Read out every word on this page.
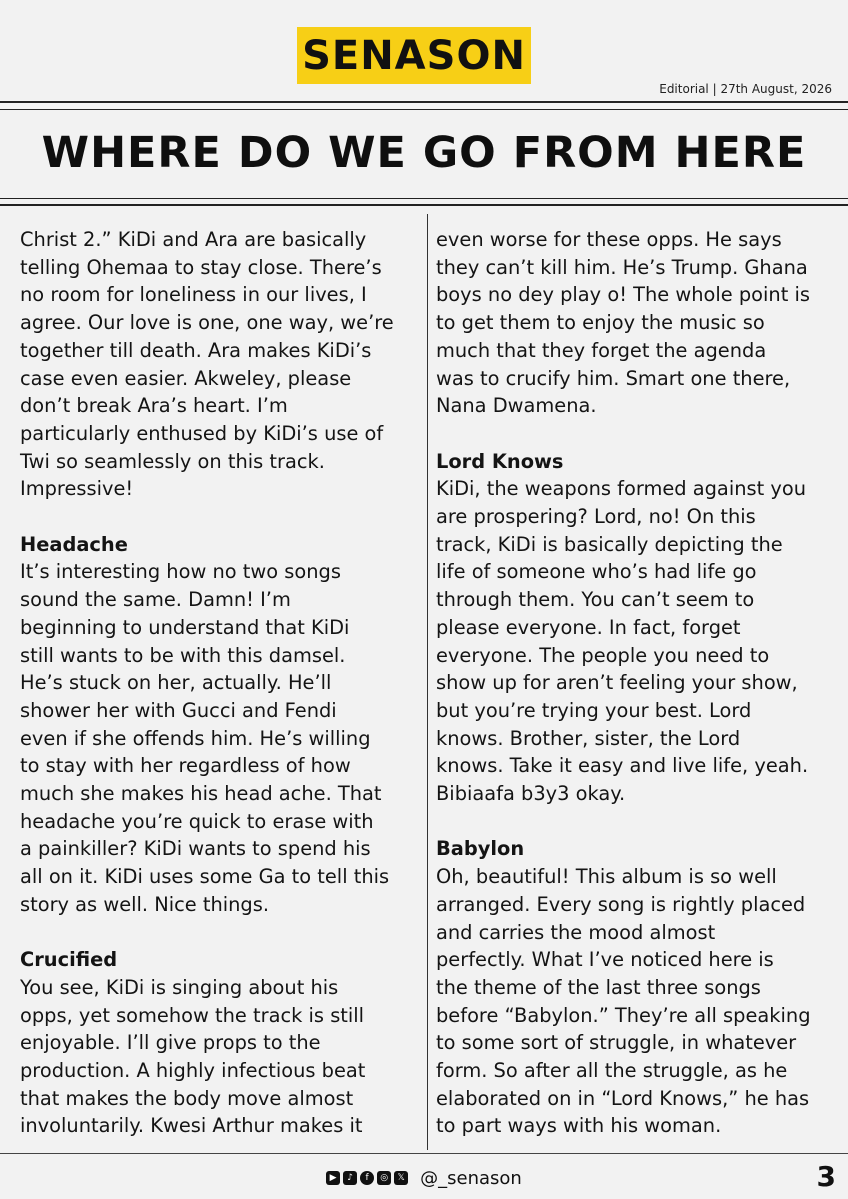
SENASON
Editorial | 27th August, 2026
WHERE DO WE GO FROM HERE

Christ 2.” KiDi and Ara are basically
telling Ohemaa to stay close. There’s
no room for loneliness in our lives, I
agree. Our love is one, one way, we’re
together till death. Ara makes KiDi’s
case even easier. Akweley, please
don’t break Ara’s heart. I’m
particularly enthused by KiDi’s use of
Twi so seamlessly on this track.
Impressive!

Headache

It’s interesting how no two songs
sound the same. Damn! I’m
beginning to understand that KiDi
still wants to be with this damsel.
He’s stuck on her, actually. He’ll
shower her with Gucci and Fendi
even if she offends him. He’s willing
to stay with her regardless of how
much she makes his head ache. That
headache you’re quick to erase with
a painkiller? KiDi wants to spend his
all on it. KiDi uses some Ga to tell this
story as well. Nice things.

Crucified

You see, KiDi is singing about his
opps, yet somehow the track is still
enjoyable. I’ll give props to the
production. A highly infectious beat
that makes the body move almost
involuntarily. Kwesi Arthur makes it

even worse for these opps. He says
they can’t kill him. He’s Trump. Ghana
boys no dey play o! The whole point is
to get them to enjoy the music so
much that they forget the agenda
was to crucify him. Smart one there,
Nana Dwamena.

Lord Knows

KiDi, the weapons formed against you
are prospering? Lord, no! On this
track, KiDi is basically depicting the
life of someone who’s had life go
through them. You can’t seem to
please everyone. In fact, forget
everyone. The people you need to
show up for aren’t feeling your show,
but you’re trying your best. Lord
knows. Brother, sister, the Lord
knows. Take it easy and live life, yeah.
Bibiaafa b3y3 okay.

Babylon

Oh, beautiful! This album is so well
arranged. Every song is rightly placed
and carries the mood almost
perfectly. What I’ve noticed here is
the theme of the last three songs
before “Babylon.” They’re all speaking
to some sort of struggle, in whatever
form. So after all the struggle, as he
elaborated on in “Lord Knows,” he has
to part ways with his woman.

▶	♪	f	◎	𝕏 @_senason	3
